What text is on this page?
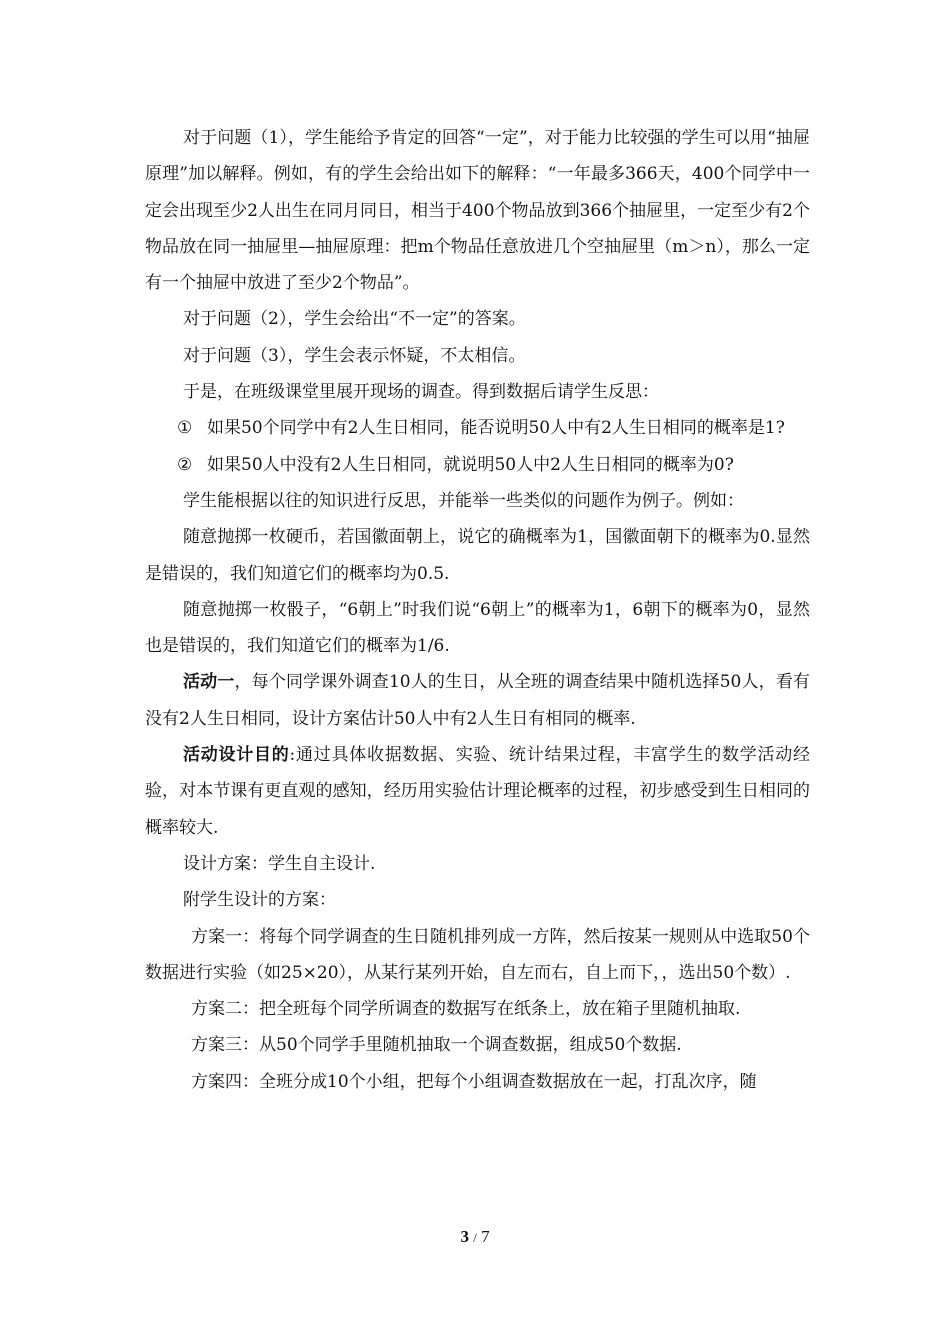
对于问题（1），学生能给予肯定的回答“一定”，对于能力比较强的学生可以用“抽屉原理”加以解释。例如，有的学生会给出如下的解释：“一年最多366天，400个同学中一定会出现至少2人出生在同月同日，相当于400个物品放到366个抽屉里，一定至少有2个物品放在同一抽屉里—抽屉原理：把m个物品任意放进几个空抽屉里（m＞n），那么一定有一个抽屉中放进了至少2个物品”。

对于问题（2），学生会给出“不一定”的答案。

对于问题（3），学生会表示怀疑，不太相信。

于是，在班级课堂里展开现场的调查。得到数据后请学生反思：

① 如果50个同学中有2人生日相同，能否说明50人中有2人生日相同的概率是1?

② 如果50人中没有2人生日相同，就说明50人中2人生日相同的概率为0?

学生能根据以往的知识进行反思，并能举一些类似的问题作为例子。例如：

随意抛掷一枚硬币，若国徽面朝上，说它的确概率为1，国徽面朝下的概率为0.显然是错误的，我们知道它们的概率均为0.5.

随意抛掷一枚骰子，“6朝上”时我们说“6朝上”的概率为1，6朝下的概率为0，显然也是错误的，我们知道它们的概率为1/6.

活动一，每个同学课外调查10人的生日，从全班的调查结果中随机选择50人，看有没有2人生日相同，设计方案估计50人中有2人生日有相同的概率.

活动设计目的:通过具体收据数据、实验、统计结果过程，丰富学生的数学活动经验，对本节课有更直观的感知，经历用实验估计理论概率的过程，初步感受到生日相同的概率较大.

设计方案：学生自主设计.

附学生设计的方案：

方案一：将每个同学调查的生日随机排列成一方阵，然后按某一规则从中选取50个数据进行实验（如25×20），从某行某列开始，自左而右，自上而下，，选出50个数）.

方案二：把全班每个同学所调查的数据写在纸条上，放在箱子里随机抽取.

方案三：从50个同学手里随机抽取一个调查数据，组成50个数据.

方案四：全班分成10个小组，把每个小组调查数据放在一起，打乱次序，随

3 / 7
